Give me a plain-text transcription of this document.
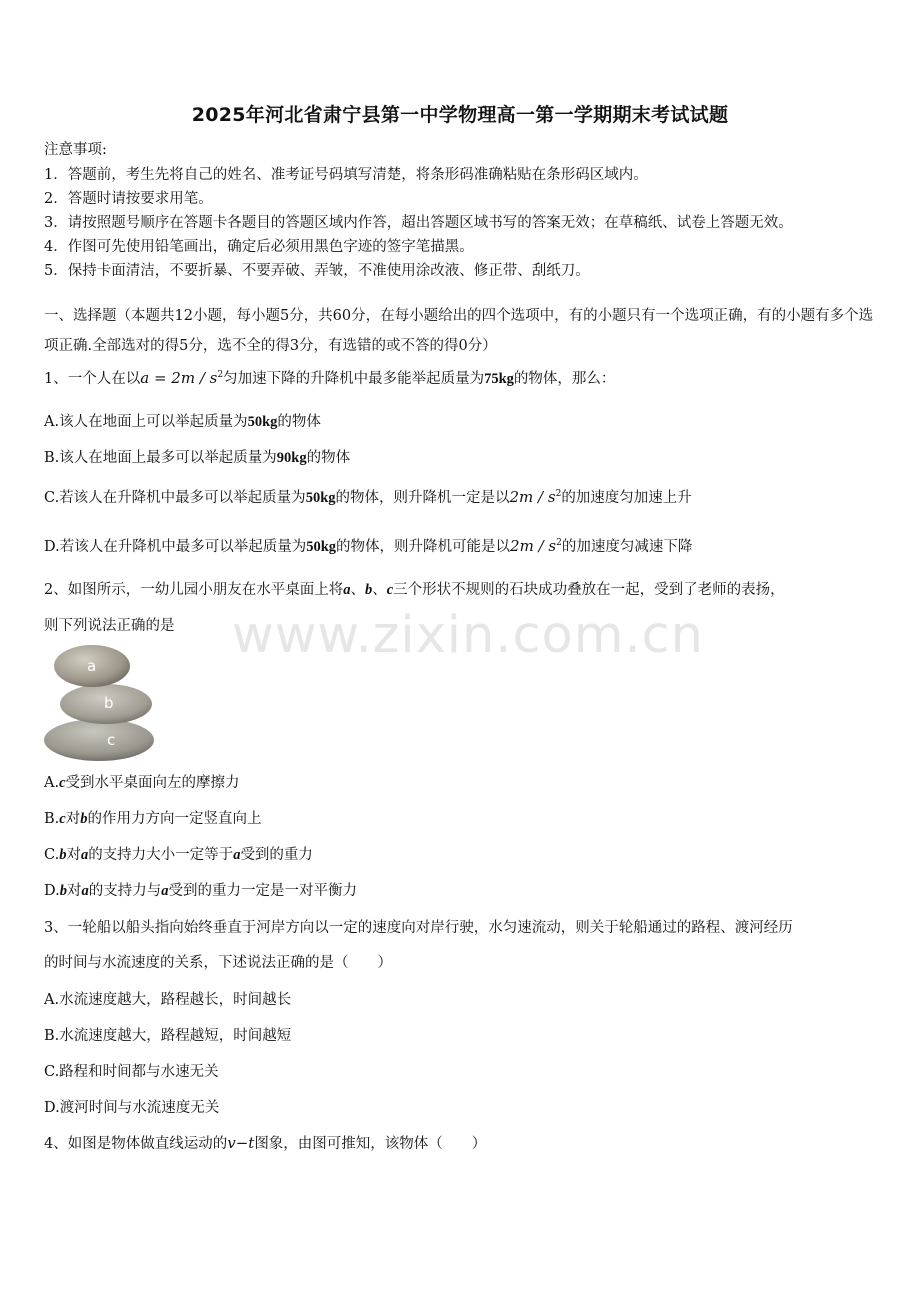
2025年河北省肃宁县第一中学物理高一第一学期期末考试试题
注意事项:
1．答题前，考生先将自己的姓名、准考证号码填写清楚，将条形码准确粘贴在条形码区域内。
2．答题时请按要求用笔。
3．请按照题号顺序在答题卡各题目的答题区域内作答，超出答题区域书写的答案无效；在草稿纸、试卷上答题无效。
4．作图可先使用铅笔画出，确定后必须用黑色字迹的签字笔描黑。
5．保持卡面清洁，不要折暴、不要弄破、弄皱，不准使用涂改液、修正带、刮纸刀。
一、选择题（本题共12小题，每小题5分，共60分，在每小题给出的四个选项中，有的小题只有一个选项正确，有的小题有多个选项正确.全部选对的得5分，选不全的得3分，有选错的或不答的得0分）
1、一个人在以$a = 2m / s^2$匀加速下降的升降机中最多能举起质量为75kg的物体，那么：
A.该人在地面上可以举起质量为50kg的物体
B.该人在地面上最多可以举起质量为90kg的物体
C.若该人在升降机中最多可以举起质量为50kg的物体，则升降机一定是以$2m / s^2$的加速度匀加速上升
D.若该人在升降机中最多可以举起质量为50kg的物体，则升降机可能是以$2m / s^2$的加速度匀减速下降
2、如图所示，一幼儿园小朋友在水平桌面上将a、b、c三个形状不规则的石块成功叠放在一起，受到了老师的表扬，
则下列说法正确的是 www.zixin.com.cn
a
b
c
A.c受到水平桌面向左的摩擦力
B.c对b的作用力方向一定竖直向上
C.b对a的支持力大小一定等于a受到的重力
D.b对a的支持力与a受到的重力一定是一对平衡力
3、一轮船以船头指向始终垂直于河岸方向以一定的速度向对岸行驶，水匀速流动，则关于轮船通过的路程、渡河经历
的时间与水流速度的关系，下述说法正确的是（　　）
A.水流速度越大，路程越长，时间越长
B.水流速度越大，路程越短，时间越短
C.路程和时间都与水速无关
D.渡河时间与水流速度无关
4、如图是物体做直线运动的v−t图象，由图可推知，该物体（　　）
